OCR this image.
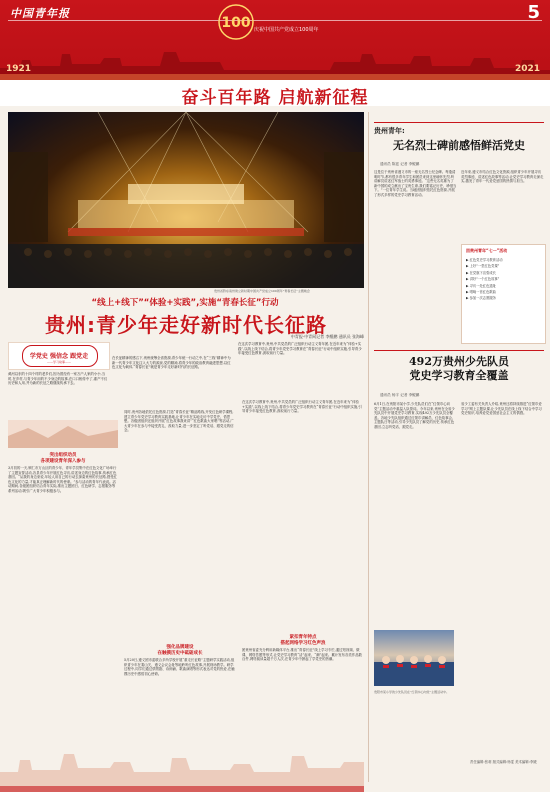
中国青年报	5
100 庆祝中国共产党成立100周年
1921	2021
奋斗百年路 启航新征程
贵州省黔东南州建立新时期中国共产党成立100周年“青春长征”主题晚会
“线上+线下”“体验+实践”,实施“青春长征”行动
贵州:青少年走好新时代长征路
中青报·中青网记者 李鲲鹏 通讯员 张海峰
学党史 强信念 跟党走
——学习故事——
黄河以东的十四个村的老乡们,因为曾经有一家万户人家的小小,当时,在乡村,与青少年用的不少身边的故事,在口口相传中了,重产不仅历史和人用,并为新的长征之路继续传承下去。
在长征精神的感召下,贵州统筹全省资源,青少年统一行动之中,在“三线”精神中为新一代青少年文化注入大力的源泉,党的精神,将青少年的政治教育融进思想,以红色文化为载体,“青春长征”就是青少年走好新时代的长征路。
在这次学习教育中,贵州,中共党员的广泛组织行动主义青年团,在近年来为“体验+实践”,以线上线下结合,将青少年党史学习教育在“青春长征”行动中组织实施,引导青少年接受红色教育,汲取前行力量。
突出组织动员
各项建设青年深入参与
3月初的一天,铜仁市万山区的青少年、青年学员集中在红色文化广场举行了主题宣誓活动,各县青少年开展红色寻访,讲述身边的红色故事,传承红色基因。“从我的身边来说,年轻人用自己的行动去探索贵州的长征路,感受红色文化的力量,才能真正理解新时代的使命。”参与活动的青年代表说。活动期间,各级团组织结合青年实际,推出主题团日、红色研学、志愿服务等系列活动,吸引广大青少年积极参与。
同时,贵州各地依托红色资源,打造“青春长征”精品路线,开发红色研学课程,建立青少年党史学习教育实践基地,让青少年在实地走访中学党史、悟思想。各级团组织还组织开展“红色故事我来讲”“红色歌曲大家唱”等活动,广大青少年在参与中接受洗礼、汲取力量,进一步坚定了听党话、跟党走的信念。
强化品牌建设
在触摸历史中砥砺成长
5月20日,遵义团市委联合多所学校开展“重走长征路”主题研学实践活动,组织青少年在娄山关、遵义会议会址等地聆听红色故事,开展现场教学。研学过程中,同学们通过情景剧、诗朗诵、歌曲演唱等形式表达对党的热爱,在触摸历史中感悟初心使命。
在这次学习教育中,贵州,中共党员的广泛组织行动主义青年团,在近年来为“体验+实践”,以线上线下结合,将青少年党史学习教育在“青春长征”行动中组织实施,引导青少年接受红色教育,汲取前行力量。
紧扣青年特点
搭起网络学习红色声浪
团贵州省委充分利用新媒体平台,推出“青春长征”线上学习专栏,通过短视频、微课、网络答题等形式,让党史学习教育“活”起来、“潮”起来。累计发布各类作品数百件,网络阅读量超千万人次,在青少年中掀起了学党史的热潮。
贵州青年:
无名烈士碑前感悟鲜活党史
通讯员 陈廷 记者 李鲲鹏
这是位于贵州省遵义市的一座无名烈士纪念碑。每逢清明时节,都有很多青年学生和团员来到这里缅怀先烈,听讲解员讲述红军战士的英勇事迹。“这些无名英雄为了新中国的成立献出了宝贵生命,我们要铭记历史、珍惜当下。”一位青年学生说。当地团组织依托红色资源,开展了形式多样的党史学习教育活动。
近年来,遵义市结合红色文化资源,组织青少年开展寻访英烈事迹、讲述红色故事等活动,让党史学习教育走深走实,激发了青年一代爱党爱国的热情与担当。
回贵州青年“七一”活动
▶ 红色党史学习教育活动
▶ 上好“一堂红色党课”
▶ 在党旗下宣誓成长
▶ 讲好“一个红色故事”
▶ 寻访一处红色遗址
▶ 唱响一首红色歌曲
▶ 参加一次志愿服务
492万贵州少先队员
党史学习教育全覆盖
通讯员 杨宇 记者 李鲲鹏
6月1日,在贵阳市某小学,少先队员们在“红领巾心向党”主题活动中重温入队誓词。今年以来,贵州在全省少先队员中开展党史学习教育,实现492万少先队员全覆盖。各地少先队组织通过红领巾讲解员、红色故事会、主题队日等活动,引导少先队员了解党的历史,传承红色基因,立志听党话、跟党走。
省少工委有关负责人介绍,贵州还将持续推进“红领巾爱学习”网上主题队课,让少先队员在线上线下结合中学习党史知识,培养爱党爱国爱社会主义的情感。
贵阳市某小学的少先队员在“红领巾心向党”主题活动中。
责任编辑:张莉 版式编辑:杨雯 美术编辑:李媛
